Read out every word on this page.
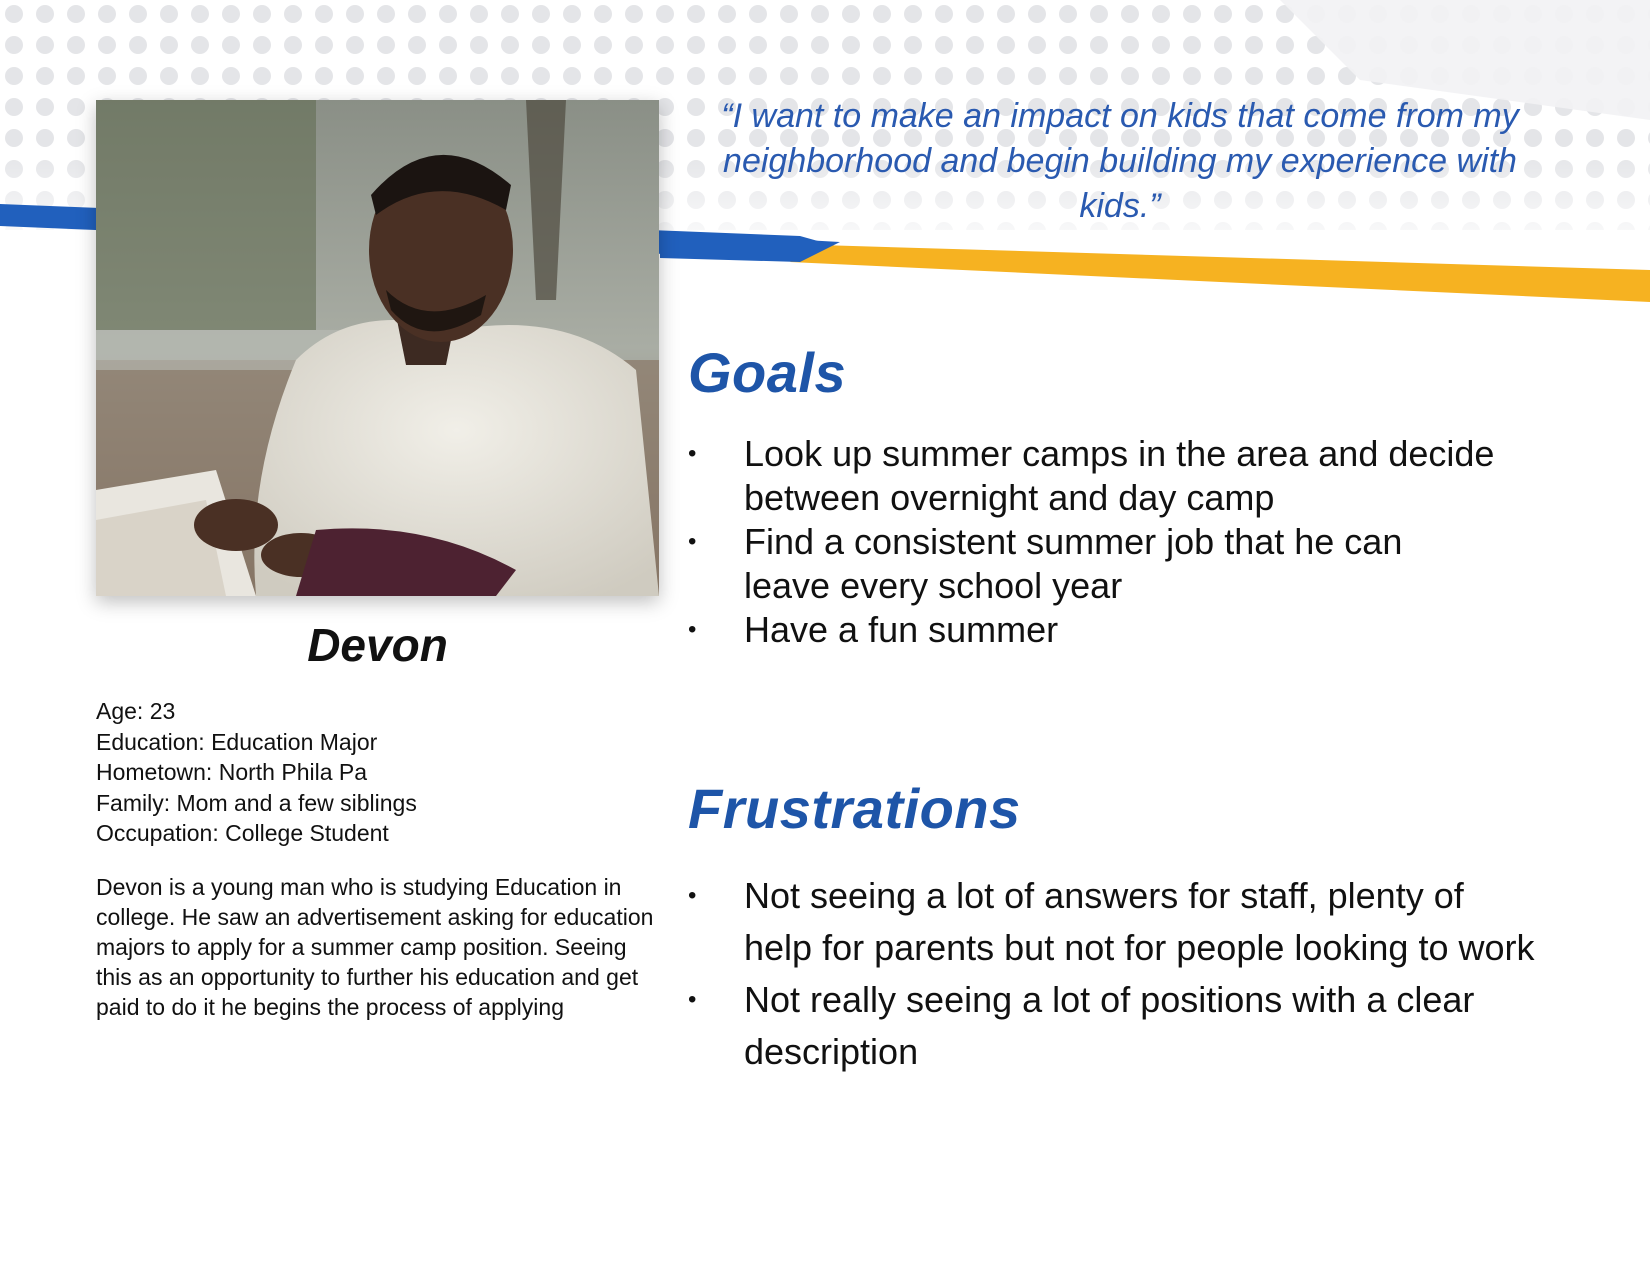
Devon
Age: 23
Education: Education Major
Hometown: North Phila Pa
Family: Mom and a few siblings
Occupation: College Student
Devon is a young man who is studying Education in college. He saw an advertisement asking for education majors to apply for a summer camp position. Seeing this as an opportunity to further his education and get paid to do it he begins the process of applying
“I want to make an impact on kids that come from my neighborhood and begin building my experience with kids.”
Goals
• Look up summer camps in the area and decide between overnight and day camp
• Find a consistent summer job that he can leave every school year
• Have a fun summer
Frustrations
• Not seeing a lot of answers for staff, plenty of help for parents but not for people looking to work
• Not really seeing a lot of positions with a clear description
